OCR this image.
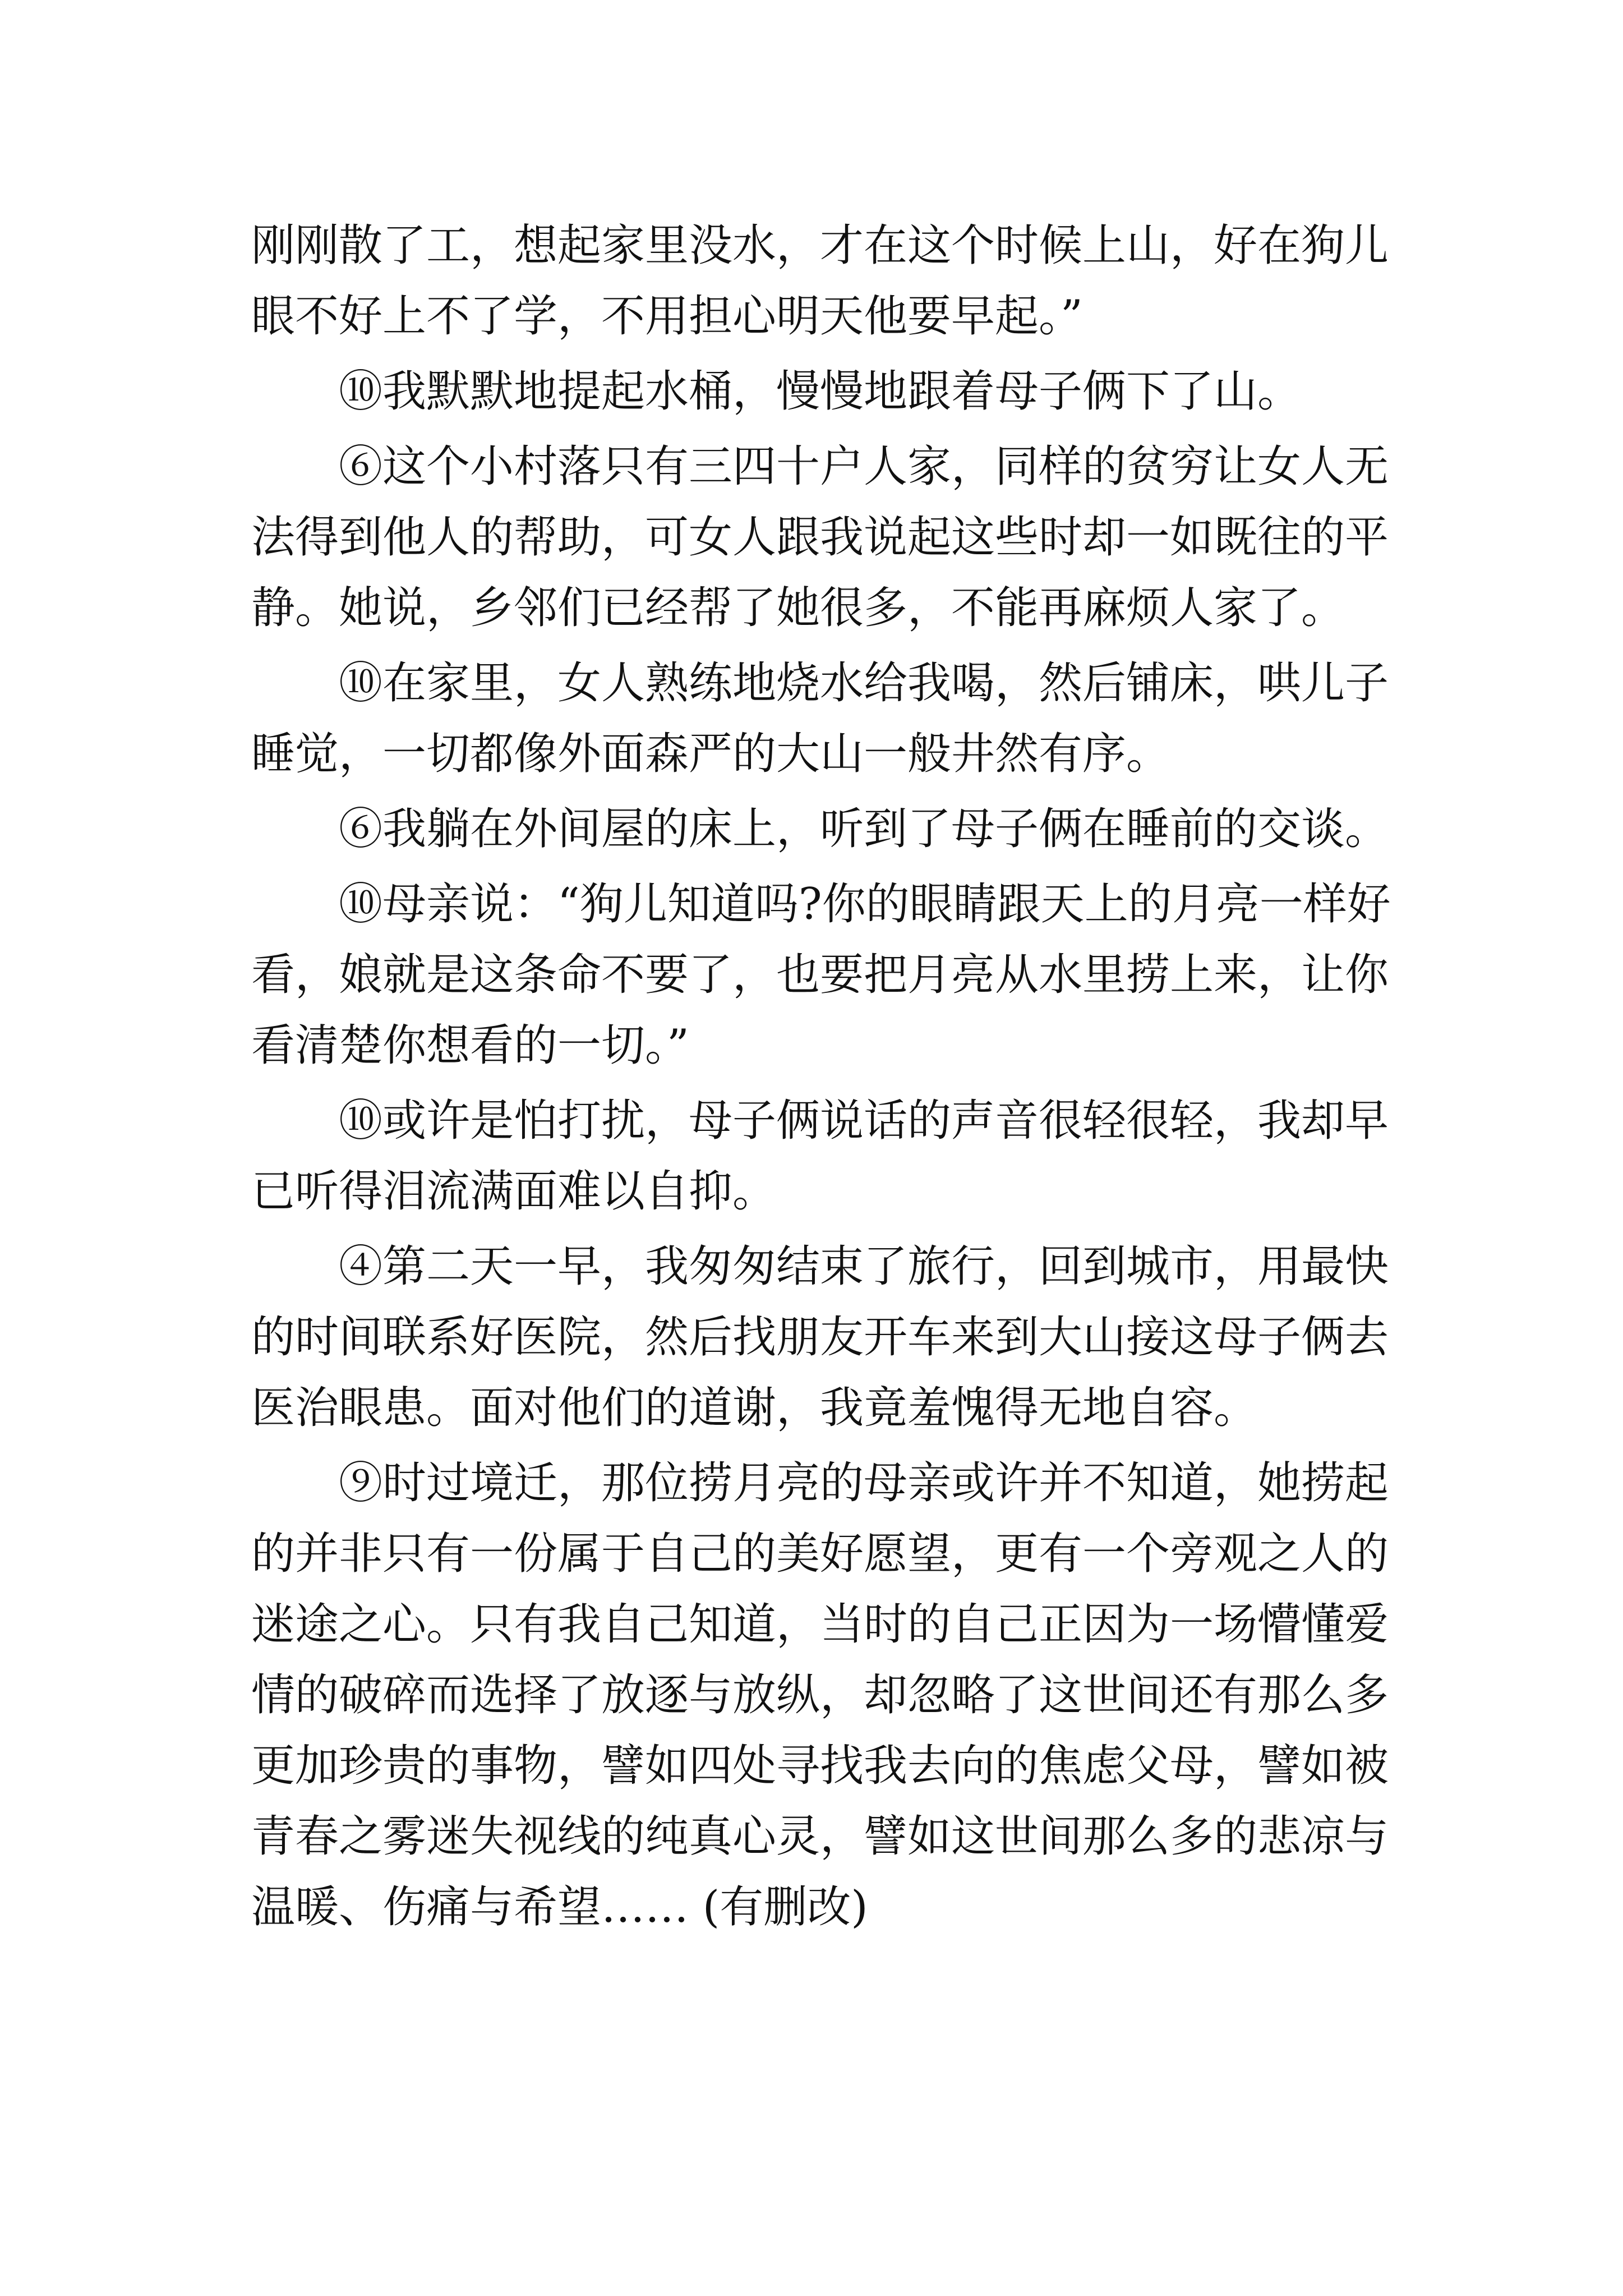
刚刚散了工，想起家里没水，才在这个时候上山，好在狗儿
眼不好上不了学，不用担心明天他要早起。”
⑩我默默地提起水桶，慢慢地跟着母子俩下了山。
⑥这个小村落只有三四十户人家，同样的贫穷让女人无
法得到他人的帮助，可女人跟我说起这些时却一如既往的平
静。她说，乡邻们已经帮了她很多，不能再麻烦人家了。
⑩在家里，女人熟练地烧水给我喝，然后铺床，哄儿子
睡觉，一切都像外面森严的大山一般井然有序。
⑥我躺在外间屋的床上，听到了母子俩在睡前的交谈。
⑩母亲说：“狗儿知道吗?你的眼睛跟天上的月亮一样好
看，娘就是这条命不要了，也要把月亮从水里捞上来，让你
看清楚你想看的一切。”
⑩或许是怕打扰，母子俩说话的声音很轻很轻，我却早
已听得泪流满面难以自抑。
④第二天一早，我匆匆结束了旅行，回到城市，用最快
的时间联系好医院，然后找朋友开车来到大山接这母子俩去
医治眼患。面对他们的道谢，我竟羞愧得无地自容。
⑨时过境迁，那位捞月亮的母亲或许并不知道，她捞起
的并非只有一份属于自己的美好愿望，更有一个旁观之人的
迷途之心。只有我自己知道，当时的自己正因为一场懵懂爱
情的破碎而选择了放逐与放纵，却忽略了这世间还有那么多
更加珍贵的事物，譬如四处寻找我去向的焦虑父母，譬如被
青春之雾迷失视线的纯真心灵，譬如这世间那么多的悲凉与
温暖、伤痛与希望…… (有删改)
